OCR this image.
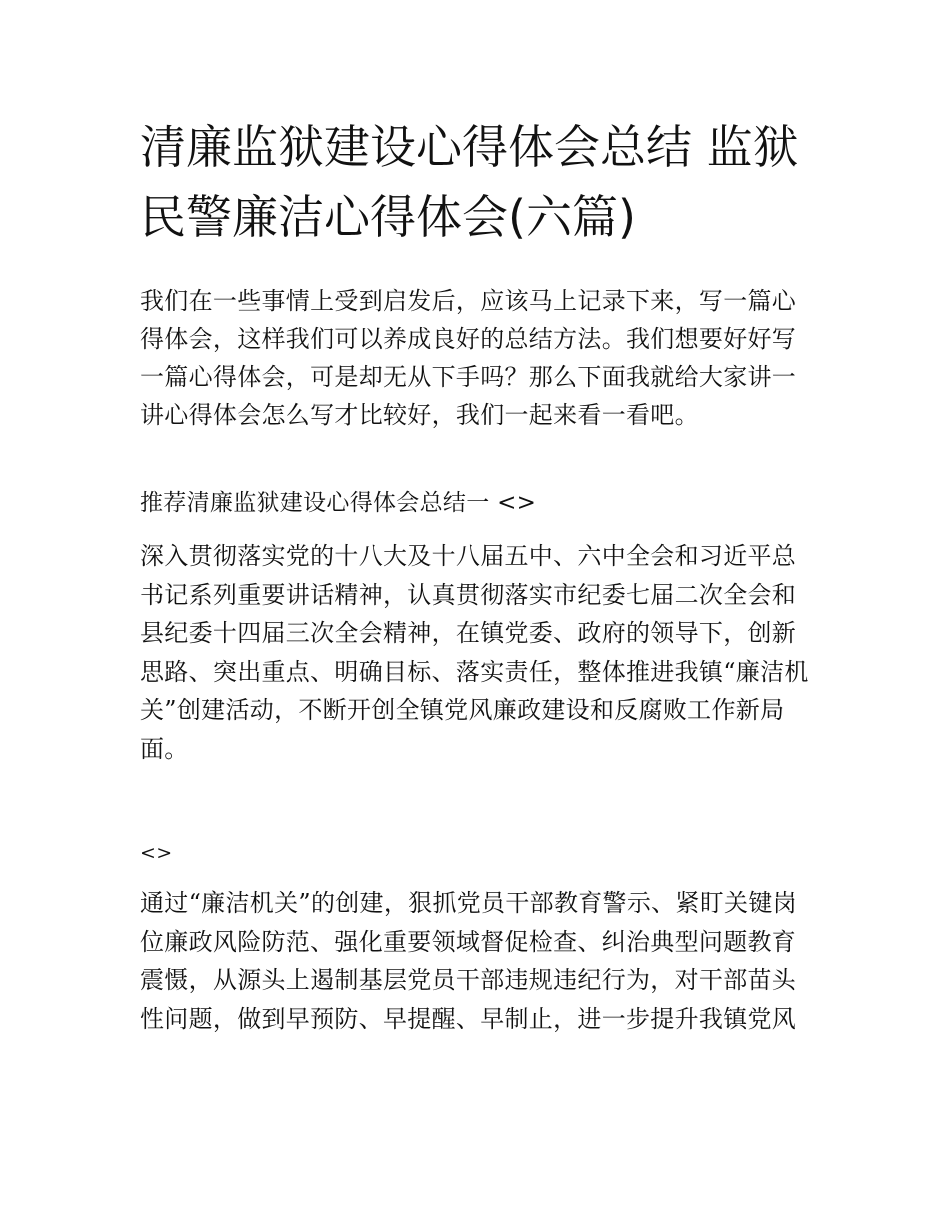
清廉监狱建设心得体会总结 监狱民警廉洁心得体会(六篇)

我们在一些事情上受到启发后，应该马上记录下来，写一篇心得体会，这样我们可以养成良好的总结方法。我们想要好好写一篇心得体会，可是却无从下手吗？那么下面我就给大家讲一讲心得体会怎么写才比较好，我们一起来看一看吧。

推荐清廉监狱建设心得体会总结一 <>

深入贯彻落实党的十八大及十八届五中、六中全会和习近平总书记系列重要讲话精神，认真贯彻落实市纪委七届二次全会和县纪委十四届三次全会精神，在镇党委、政府的领导下，创新思路、突出重点、明确目标、落实责任，整体推进我镇“廉洁机关”创建活动，不断开创全镇党风廉政建设和反腐败工作新局面。

<>

通过“廉洁机关”的创建，狠抓党员干部教育警示、紧盯关键岗位廉政风险防范、强化重要领域督促检查、纠治典型问题教育震慑，从源头上遏制基层党员干部违规违纪行为，对干部苗头性问题，做到早预防、早提醒、早制止，进一步提升我镇党风
